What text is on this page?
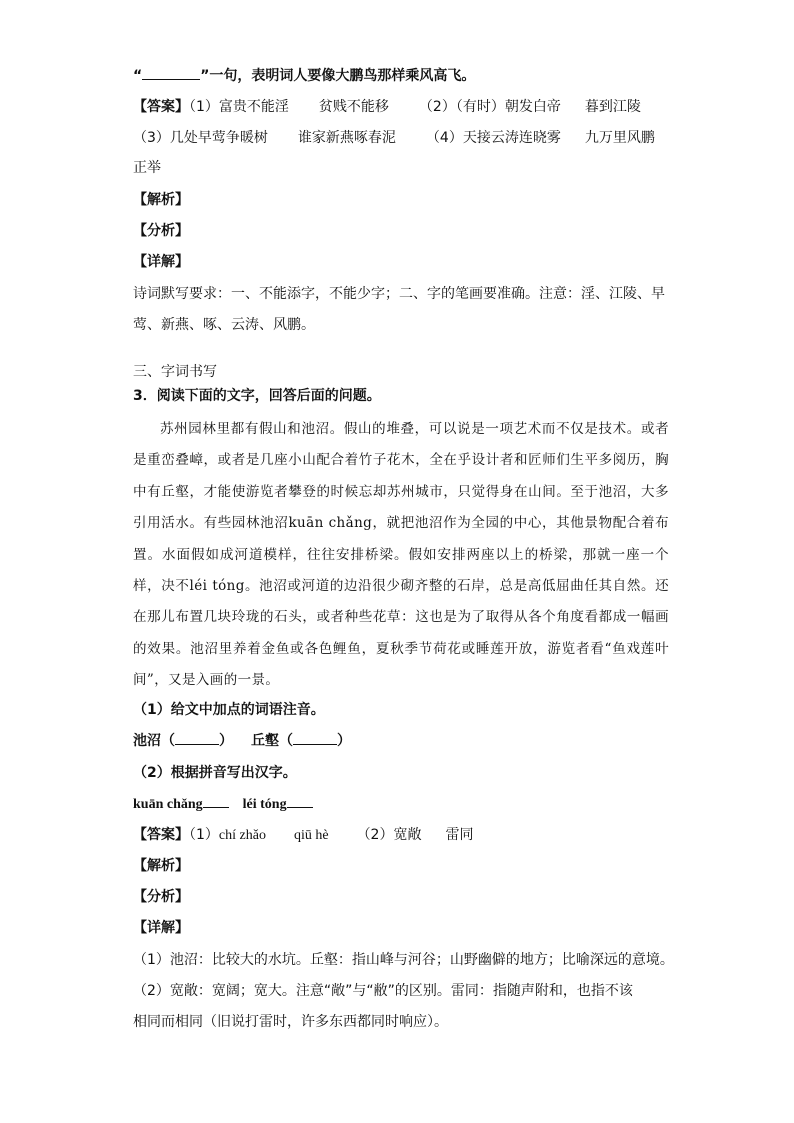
“	”一句，表明词人要像大鹏鸟那样乘风高飞。
【答案】（1）富贵不能淫 贫贱不能移 （2）（有时）朝发白帝 暮到江陵
（3）几处早莺争暖树 谁家新燕啄春泥 （4）天接云涛连晓雾 九万里风鹏
正举
【解析】
【分析】
【详解】
诗词默写要求：一、不能添字，不能少字；二、字的笔画要准确。注意：淫、江陵、早
莺、新燕、啄、云涛、风鹏。
三、字词书写
3．阅读下面的文字，回答后面的问题。

苏州园林里都有假山和池沼。假山的堆叠，可以说是一项艺术而不仅是技术。或者是重峦叠嶂，或者是几座小山配合着竹子花木，全在乎设计者和匠师们生平多阅历，胸中有丘壑，才能使游览者攀登的时候忘却苏州城市，只觉得身在山间。至于池沼，大多引用活水。有些园林池沼kuān chǎng，就把池沼作为全园的中心，其他景物配合着布置。水面假如成河道模样，往往安排桥梁。假如安排两座以上的桥梁，那就一座一个样，决不léi tóng。池沼或河道的边沿很少砌齐整的石岸，总是高低屈曲任其自然。还在那儿布置几块玲珑的石头，或者种些花草：这也是为了取得从各个角度看都成一幅画的效果。池沼里养着金鱼或各色鲤鱼，夏秋季节荷花或睡莲开放，游览者看“鱼戏莲叶间”，又是入画的一景。

（1）给文中加点的词语注音。
池沼（	） 丘壑（	）
（2）根据拼音写出汉字。
kuān chǎng	léi tóng
【答案】（1）chí zhǎo qiū hè （2）宽敞 雷同
【解析】
【分析】
【详解】
（1）池沼：比较大的水坑。丘壑：指山峰与河谷；山野幽僻的地方；比喻深远的意境。
（2）宽敞：宽阔；宽大。注意“敞”与“敝”的区别。雷同：指随声附和，也指不该
相同而相同（旧说打雷时，许多东西都同时响应）。
